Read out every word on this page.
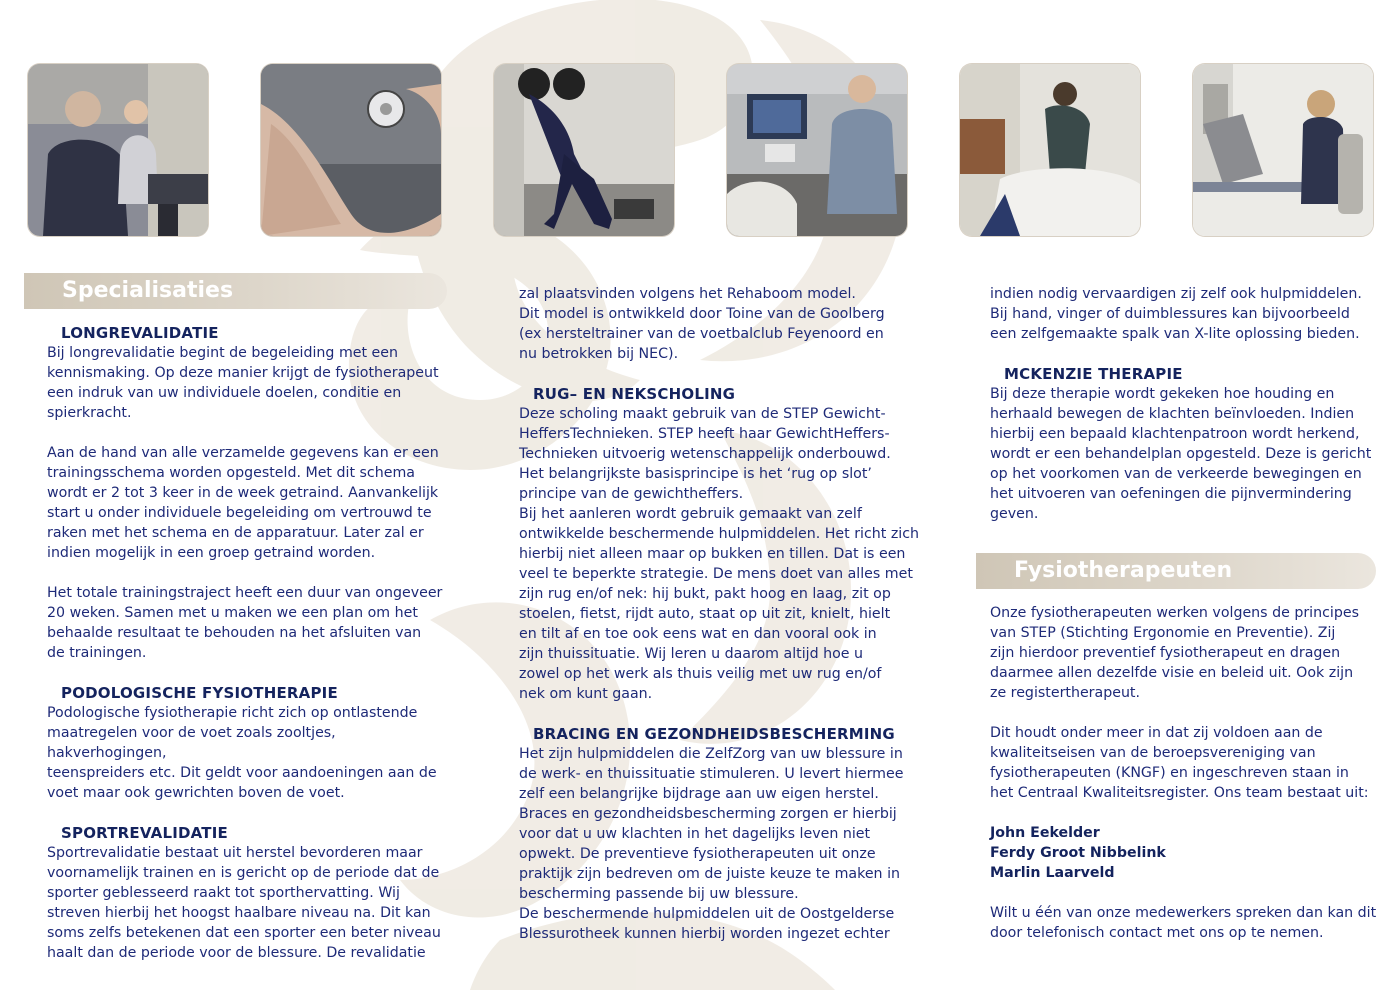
Specialisaties
LONGREVALIDATIE

Bij longrevalidatie begint de begeleiding met een
kennismaking. Op deze manier krijgt de fysiotherapeut
een indruk van uw individuele doelen, conditie en
spierkracht.

Aan de hand van alle verzamelde gegevens kan er een
trainingsschema worden opgesteld. Met dit schema
wordt er 2 tot 3 keer in de week getraind. Aanvankelijk
start u onder individuele begeleiding om vertrouwd te
raken met het schema en de apparatuur. Later zal er
indien mogelijk in een groep getraind worden.

Het totale trainingstraject heeft een duur van ongeveer
20 weken. Samen met u maken we een plan om het
behaalde resultaat te behouden na het afsluiten van
de trainingen.

PODOLOGISCHE FYSIOTHERAPIE

Podologische fysiotherapie richt zich op ontlastende
maatregelen voor de voet zoals zooltjes, hakverhogingen,
teenspreiders etc. Dit geldt voor aandoeningen aan de
voet maar ook gewrichten boven de voet.

SPORTREVALIDATIE

Sportrevalidatie bestaat uit herstel bevorderen maar
voornamelijk trainen en is gericht op de periode dat de
sporter geblesseerd raakt tot sporthervatting. Wij
streven hierbij het hoogst haalbare niveau na. Dit kan
soms zelfs betekenen dat een sporter een beter niveau
haalt dan de periode voor de blessure. De revalidatie

zal plaatsvinden volgens het Rehaboom model.
Dit model is ontwikkeld door Toine van de Goolberg
(ex hersteltrainer van de voetbalclub Feyenoord en
nu betrokken bij NEC).

RUG– EN NEKSCHOLING

Deze scholing maakt gebruik van de STEP Gewicht-
HeffersTechnieken. STEP heeft haar GewichtHeffers-
Technieken uitvoerig wetenschappelijk onderbouwd.
Het belangrijkste basisprincipe is het ‘rug op slot’
principe van de gewichtheffers.
Bij het aanleren wordt gebruik gemaakt van zelf
ontwikkelde beschermende hulpmiddelen. Het richt zich
hierbij niet alleen maar op bukken en tillen. Dat is een
veel te beperkte strategie. De mens doet van alles met
zijn rug en/of nek: hij bukt, pakt hoog en laag, zit op
stoelen, fietst, rijdt auto, staat op uit zit, knielt, hielt
en tilt af en toe ook eens wat en dan vooral ook in
zijn thuissituatie. Wij leren u daarom altijd hoe u
zowel op het werk als thuis veilig met uw rug en/of
nek om kunt gaan.

BRACING EN GEZONDHEIDSBESCHERMING

Het zijn hulpmiddelen die ZelfZorg van uw blessure in
de werk- en thuissituatie stimuleren. U levert hiermee
zelf een belangrijke bijdrage aan uw eigen herstel.
Braces en gezondheidsbescherming zorgen er hierbij
voor dat u uw klachten in het dagelijks leven niet
opwekt. De preventieve fysiotherapeuten uit onze
praktijk zijn bedreven om de juiste keuze te maken in
bescherming passende bij uw blessure.
De beschermende hulpmiddelen uit de Oostgelderse
Blessurotheek kunnen hierbij worden ingezet echter

indien nodig vervaardigen zij zelf ook hulpmiddelen.
Bij hand, vinger of duimblessures kan bijvoorbeeld
een zelfgemaakte spalk van X-lite oplossing bieden.

MCKENZIE THERAPIE

Bij deze therapie wordt gekeken hoe houding en
herhaald bewegen de klachten beïnvloeden. Indien
hierbij een bepaald klachtenpatroon wordt herkend,
wordt er een behandelplan opgesteld. Deze is gericht
op het voorkomen van de verkeerde bewegingen en
het uitvoeren van oefeningen die pijnvermindering
geven.

Fysiotherapeuten

Onze fysiotherapeuten werken volgens de principes
van STEP (Stichting Ergonomie en Preventie). Zij
zijn hierdoor preventief fysiotherapeut en dragen
daarmee allen dezelfde visie en beleid uit. Ook zijn
ze registertherapeut.

Dit houdt onder meer in dat zij voldoen aan de
kwaliteitseisen van de beroepsvereniging van
fysiotherapeuten (KNGF) en ingeschreven staan in
het Centraal Kwaliteitsregister. Ons team bestaat uit:

John Eekelder
Ferdy Groot Nibbelink
Marlin Laarveld

Wilt u één van onze medewerkers spreken dan kan dit
door telefonisch contact met ons op te nemen.
